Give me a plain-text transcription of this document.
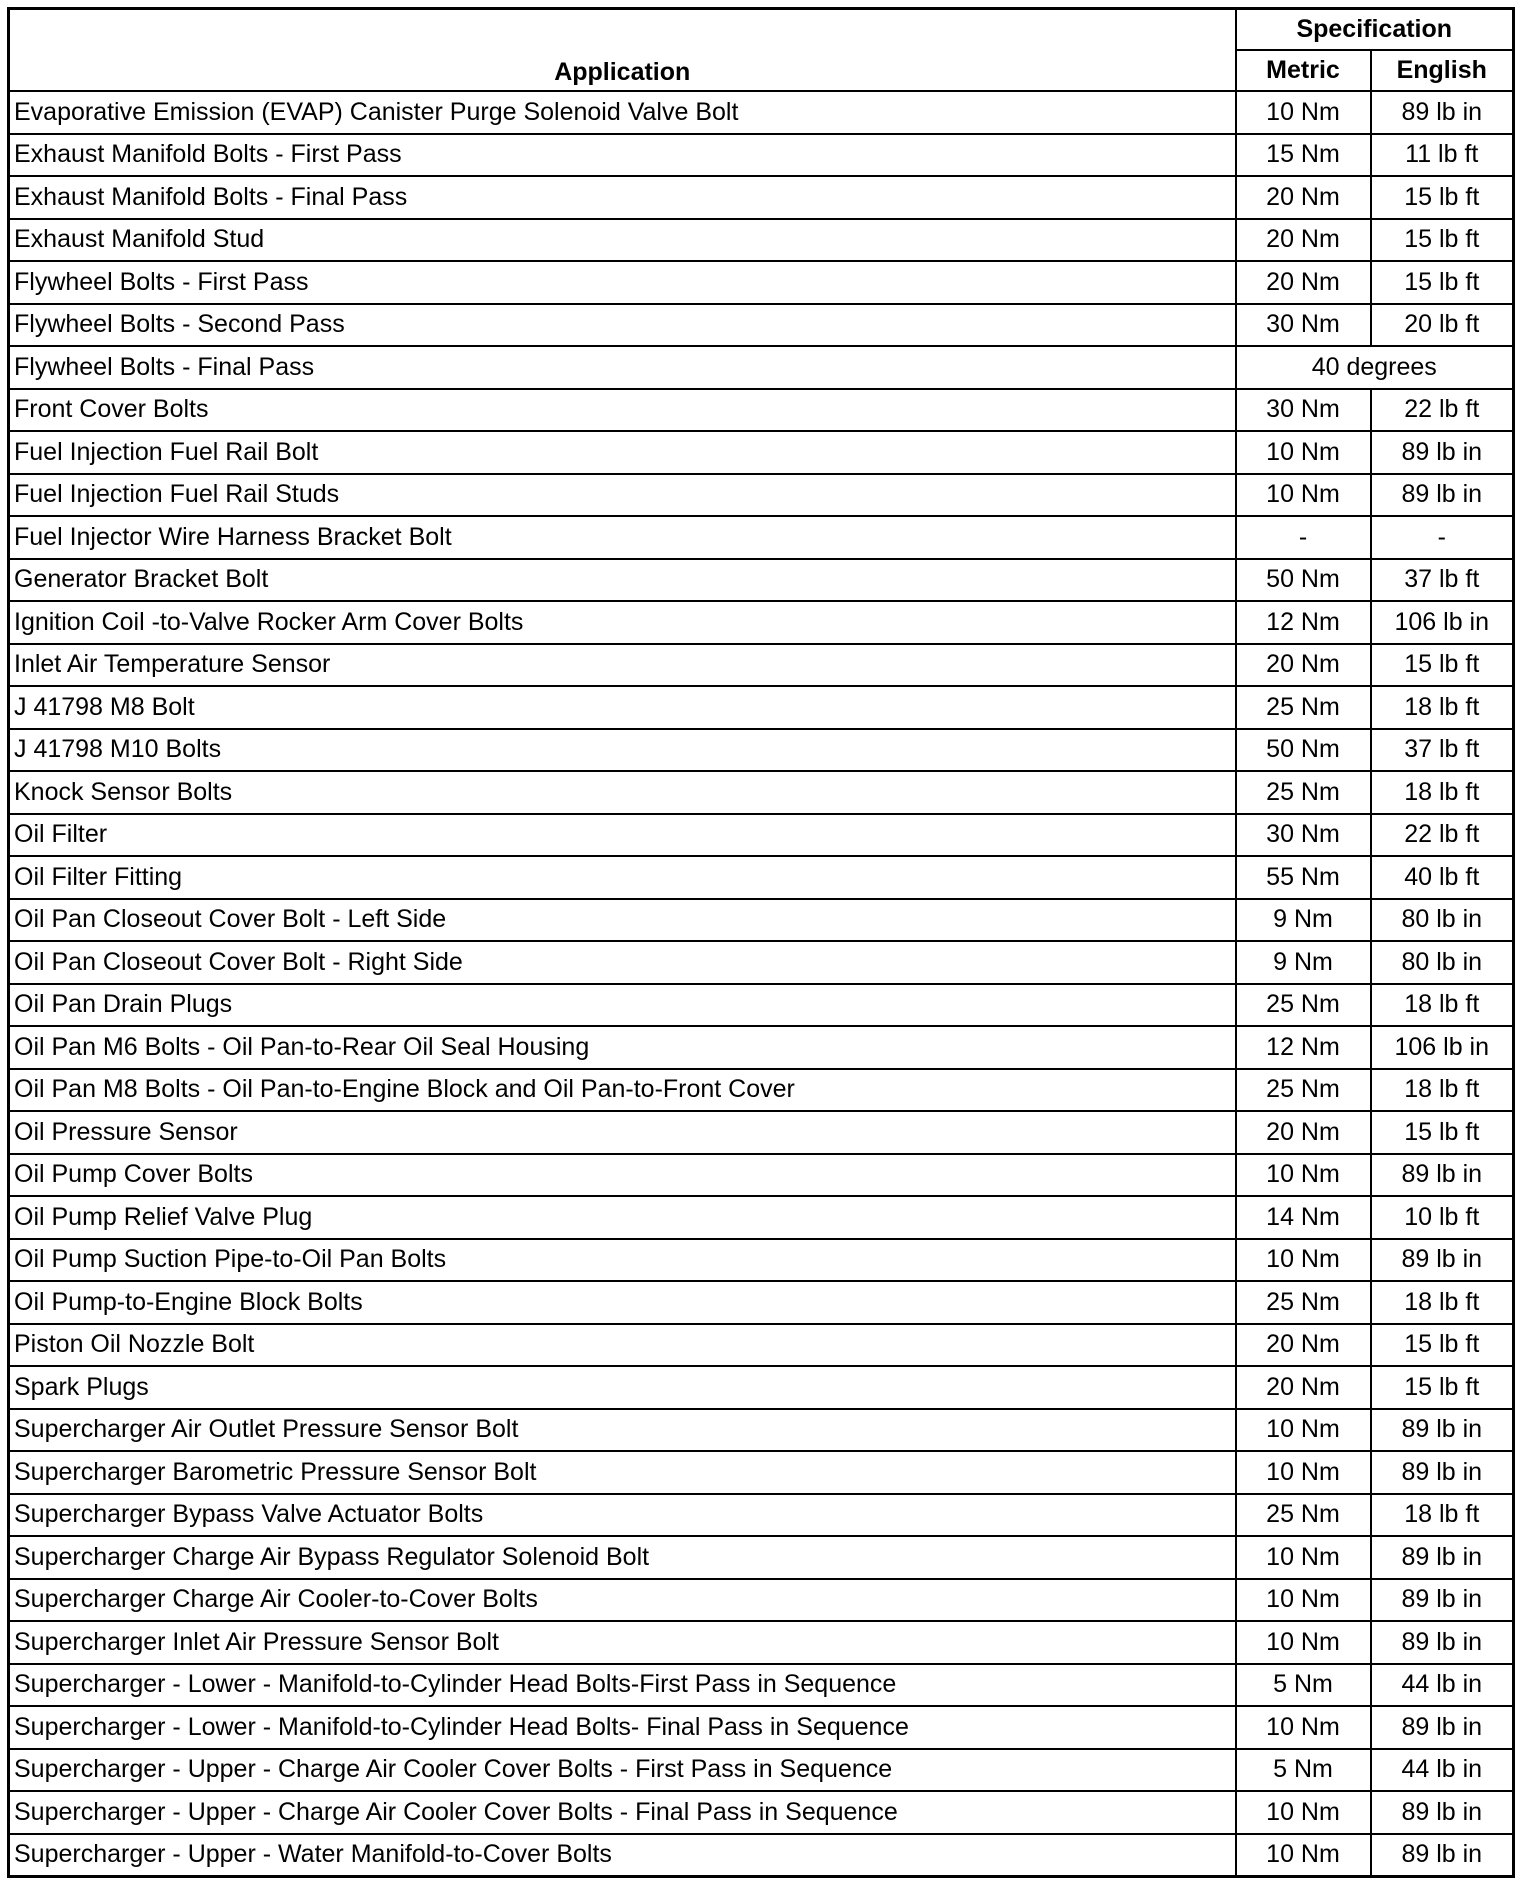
Application	Specification	
	Metric	English
Evaporative Emission (EVAP) Canister Purge Solenoid Valve Bolt	10 Nm	89 lb in
Exhaust Manifold Bolts - First Pass	15 Nm	11 lb ft
Exhaust Manifold Bolts - Final Pass	20 Nm	15 lb ft
Exhaust Manifold Stud	20 Nm	15 lb ft
Flywheel Bolts - First Pass	20 Nm	15 lb ft
Flywheel Bolts - Second Pass	30 Nm	20 lb ft
Flywheel Bolts - Final Pass	40 degrees	
Front Cover Bolts	30 Nm	22 lb ft
Fuel Injection Fuel Rail Bolt	10 Nm	89 lb in
Fuel Injection Fuel Rail Studs	10 Nm	89 lb in
Fuel Injector Wire Harness Bracket Bolt	-	-
Generator Bracket Bolt	50 Nm	37 lb ft
Ignition Coil -to-Valve Rocker Arm Cover Bolts	12 Nm	106 lb in
Inlet Air Temperature Sensor	20 Nm	15 lb ft
J 41798 M8 Bolt	25 Nm	18 lb ft
J 41798 M10 Bolts	50 Nm	37 lb ft
Knock Sensor Bolts	25 Nm	18 lb ft
Oil Filter	30 Nm	22 lb ft
Oil Filter Fitting	55 Nm	40 lb ft
Oil Pan Closeout Cover Bolt - Left Side	9 Nm	80 lb in
Oil Pan Closeout Cover Bolt - Right Side	9 Nm	80 lb in
Oil Pan Drain Plugs	25 Nm	18 lb ft
Oil Pan M6 Bolts - Oil Pan-to-Rear Oil Seal Housing	12 Nm	106 lb in
Oil Pan M8 Bolts - Oil Pan-to-Engine Block and Oil Pan-to-Front Cover	25 Nm	18 lb ft
Oil Pressure Sensor	20 Nm	15 lb ft
Oil Pump Cover Bolts	10 Nm	89 lb in
Oil Pump Relief Valve Plug	14 Nm	10 lb ft
Oil Pump Suction Pipe-to-Oil Pan Bolts	10 Nm	89 lb in
Oil Pump-to-Engine Block Bolts	25 Nm	18 lb ft
Piston Oil Nozzle Bolt	20 Nm	15 lb ft
Spark Plugs	20 Nm	15 lb ft
Supercharger Air Outlet Pressure Sensor Bolt	10 Nm	89 lb in
Supercharger Barometric Pressure Sensor Bolt	10 Nm	89 lb in
Supercharger Bypass Valve Actuator Bolts	25 Nm	18 lb ft
Supercharger Charge Air Bypass Regulator Solenoid Bolt	10 Nm	89 lb in
Supercharger Charge Air Cooler-to-Cover Bolts	10 Nm	89 lb in
Supercharger Inlet Air Pressure Sensor Bolt	10 Nm	89 lb in
Supercharger - Lower - Manifold-to-Cylinder Head Bolts-First Pass in Sequence	5 Nm	44 lb in
Supercharger - Lower - Manifold-to-Cylinder Head Bolts- Final Pass in Sequence	10 Nm	89 lb in
Supercharger - Upper - Charge Air Cooler Cover Bolts - First Pass in Sequence	5 Nm	44 lb in
Supercharger - Upper - Charge Air Cooler Cover Bolts - Final Pass in Sequence	10 Nm	89 lb in
Supercharger - Upper - Water Manifold-to-Cover Bolts	10 Nm	89 lb in
